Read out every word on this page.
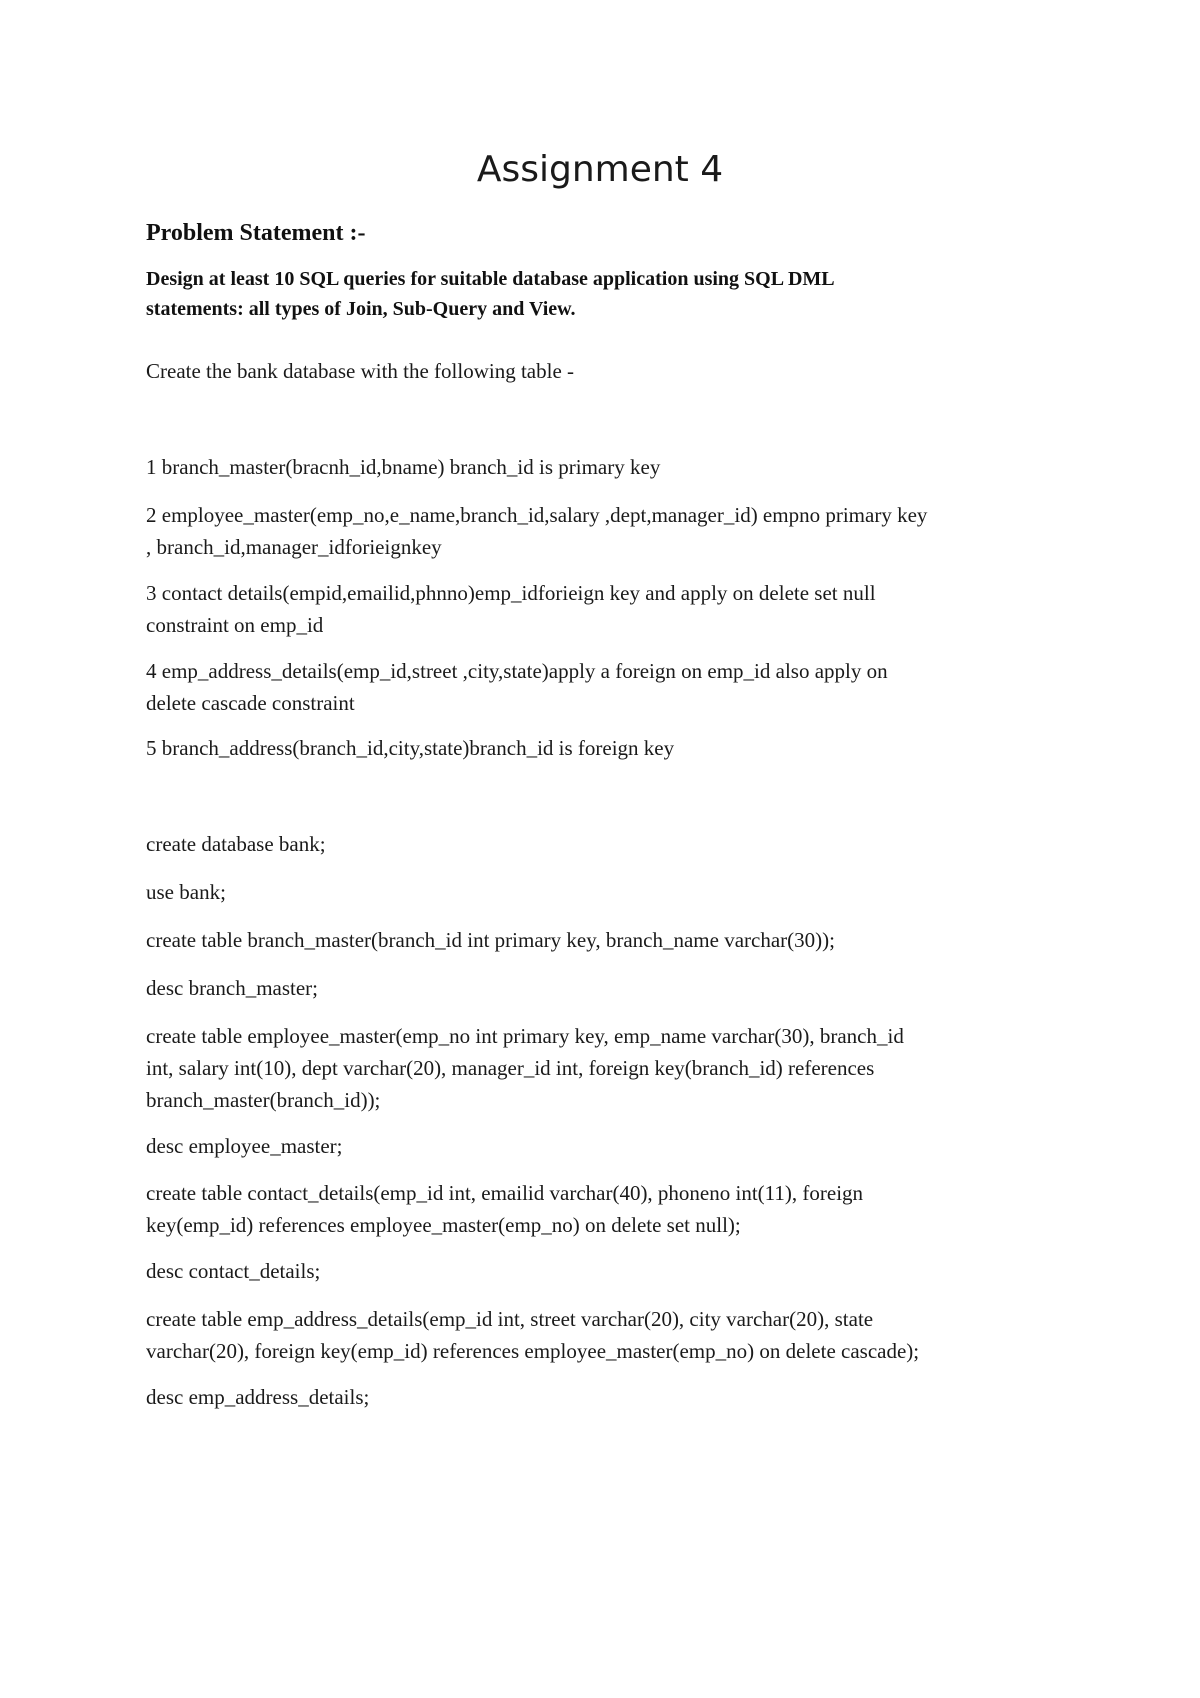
Assignment 4
Problem Statement :-
Design at least 10 SQL queries for suitable database application using SQL DML
statements: all types of Join, Sub-Query and View.
Create the bank database with the following table -
1 branch_master(bracnh_id,bname) branch_id is primary key
2 employee_master(emp_no,e_name,branch_id,salary ,dept,manager_id) empno primary key
, branch_id,manager_idforieignkey
3 contact details(empid,emailid,phnno)emp_idforieign key and apply on delete set null
constraint on emp_id
4 emp_address_details(emp_id,street ,city,state)apply a foreign on emp_id also apply on
delete cascade constraint
5 branch_address(branch_id,city,state)branch_id is foreign key
create database bank;
use bank;
create table branch_master(branch_id int primary key, branch_name varchar(30));
desc branch_master;
create table employee_master(emp_no int primary key, emp_name varchar(30), branch_id
int, salary int(10), dept varchar(20), manager_id int, foreign key(branch_id) references
branch_master(branch_id));
desc employee_master;
create table contact_details(emp_id int, emailid varchar(40), phoneno int(11), foreign
key(emp_id) references employee_master(emp_no) on delete set null);
desc contact_details;
create table emp_address_details(emp_id int, street varchar(20), city varchar(20), state
varchar(20), foreign key(emp_id) references employee_master(emp_no) on delete cascade);
desc emp_address_details;
